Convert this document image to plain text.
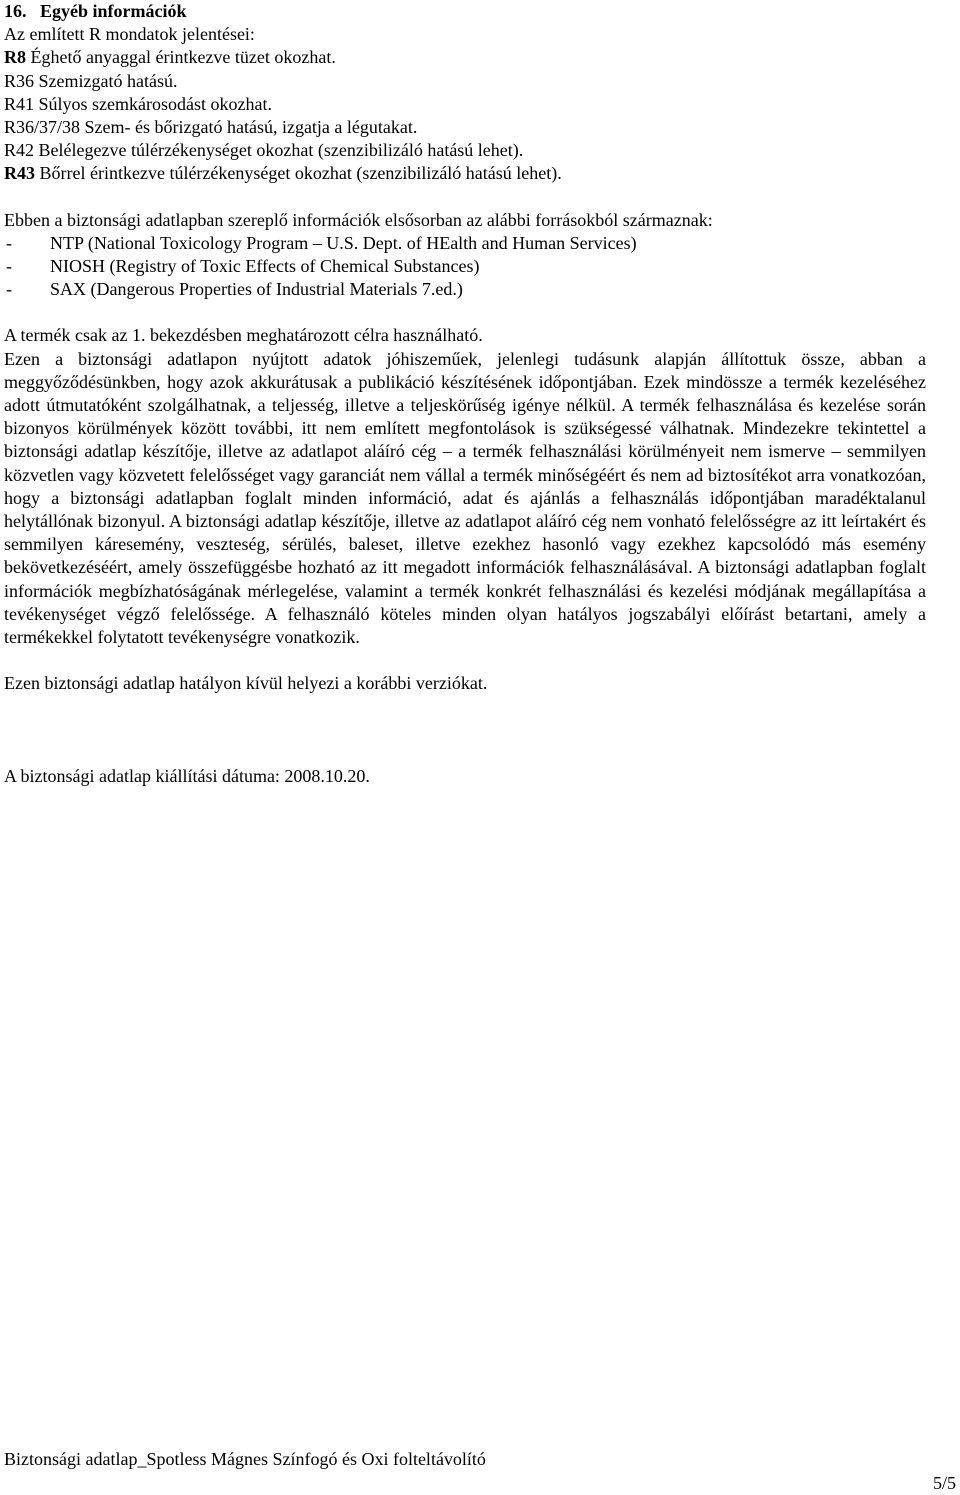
16. Egyéb információk
Az említett R mondatok jelentései:
R8 Éghető anyaggal érintkezve tüzet okozhat.
R36 Szemizgató hatású.
R41 Súlyos szemkárosodást okozhat.
R36/37/38 Szem- és bőrizgató hatású, izgatja a légutakat.
R42 Belélegezve túlérzékenységet okozhat (szenzibilizáló hatású lehet).
R43 Bőrrel érintkezve túlérzékenységet okozhat (szenzibilizáló hatású lehet).
Ebben a biztonsági adatlapban szereplő információk elsősorban az alábbi forrásokból származnak:
- NTP (National Toxicology Program – U.S. Dept. of HEalth and Human Services)
- NIOSH (Registry of Toxic Effects of Chemical Substances)
- SAX (Dangerous Properties of Industrial Materials 7.ed.)
A termék csak az 1. bekezdésben meghatározott célra használható.
Ezen a biztonsági adatlapon nyújtott adatok jóhiszeműek, jelenlegi tudásunk alapján állítottuk össze, abban a meggyőződésünkben, hogy azok akkurátusak a publikáció készítésének időpontjában. Ezek mindössze a termék kezeléséhez adott útmutatóként szolgálhatnak, a teljesség, illetve a teljeskörűség igénye nélkül. A termék felhasználása és kezelése során bizonyos körülmények között további, itt nem említett megfontolások is szükségessé válhatnak. Mindezekre tekintettel a biztonsági adatlap készítője, illetve az adatlapot aláíró cég – a termék felhasználási körülményeit nem ismerve – semmilyen közvetlen vagy közvetett felelősséget vagy garanciát nem vállal a termék minőségéért és nem ad biztosítékot arra vonatkozóan, hogy a biztonsági adatlapban foglalt minden információ, adat és ajánlás a felhasználás időpontjában maradéktalanul helytállónak bizonyul. A biztonsági adatlap készítője, illetve az adatlapot aláíró cég nem vonható felelősségre az itt leírtakért és semmilyen káresemény, veszteség, sérülés, baleset, illetve ezekhez hasonló vagy ezekhez kapcsolódó más esemény bekövetkezéséért, amely összefüggésbe hozható az itt megadott információk felhasználásával. A biztonsági adatlapban foglalt információk megbízhatóságának mérlegelése, valamint a termék konkrét felhasználási és kezelési módjának megállapítása a tevékenységet végző felelőssége. A felhasználó köteles minden olyan hatályos jogszabályi előírást betartani, amely a termékekkel folytatott tevékenységre vonatkozik.
Ezen biztonsági adatlap hatályon kívül helyezi a korábbi verziókat.
A biztonsági adatlap kiállítási dátuma: 2008.10.20.
Biztonsági adatlap_Spotless Mágnes Színfogó és Oxi folteltávolító
5/5
